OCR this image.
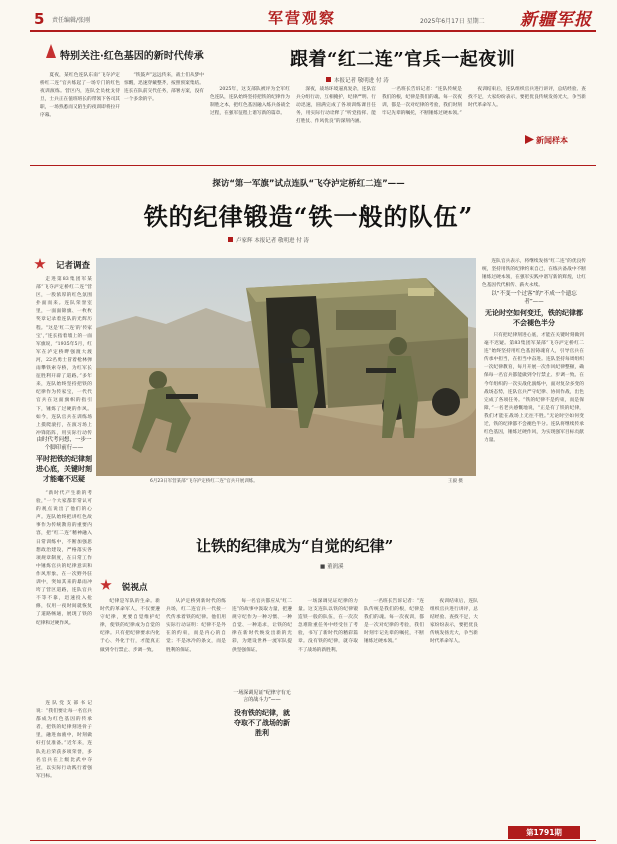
5 责任编辑/张刚	军营观察	2025年6月17日 星期二 新疆军报
特别关注·红色基因的新时代传承	跟着“红二连”官兵一起夜训
本报记者 敬明进 付 涛

夏夜，某红色连队东南“飞夺泸定桥红二连”官兵练起了一场专门的红色夜训演练。营区内，连队全员枕戈待旦，士兵正在值班班长的带领下各司其职，一场熟悉而又陌生的夜训即将拉开序幕。

“铁鼓声”远远传来，战士们从梦中惊醒，迅速穿戴整齐，按照预案集结。连长在队前交代任务，部署方案，没有一个多余的字。

2025年，这支部队被评为全军红色连队，连队始终坚持把铁的纪律作为制胜之本，把红色基因融入练兵备战全过程，在强军征程上谱写新的篇章。

深夜，战场环境逼真复杂，连队官兵分组行动，互相掩护，纪律严明、行动迅速，圆满完成了各项训练课目任务，用实际行动诠释了“听党指挥、能打胜仗、作风优良”的深刻内涵。

一名班长告诉记者：“连队传统是我们的根，纪律是我们的魂。每一次夜训，都是一次对纪律的考验，我们时刻牢记先辈的嘱托，不断锤炼过硬本领。”

夜训结束后，连队组织官兵进行讲评，总结经验、查找不足，大家纷纷表示，要把优良传统发扬光大，争当新时代革命军人。

新闻样本
探访“第一军旗”试点连队“飞夺泸定桥红二连”——
铁的纪律锻造“铁一般的队伍”
卢家辉 本报记者 敬明进 付 涛
记者调查

走进第83集团军某部“飞夺泸定桥红二连”营区，一股浓厚的红色氛围扑面而来。连队荣誉室里，一面面锦旗、一枚枚奖章记录着连队的光辉历程。“这是‘红二连’的‘传家宝’，”连长指着墙上的一面军旗说，“1935年5月，红军在泸定桥畔强渡大渡河，22名勇士冒着枪林弹雨攀铁索夺桥，为红军长征胜利开辟了道路。”多年来，连队始终坚持把铁的纪律作为传家宝，一代代官兵在这面旗帜的指引下，锤炼了过硬的作风。如今，连队官兵在训练场上摸爬滚打，在演习场上冲锋陷阵，用实际行动传

由时代考问想，一步一个脚印前行——
平时把铁的纪律刻进心底，关键时刻才能毫不迟疑

“新时代产生新的考验，”一个大家都非常认可的观点说出了他们的心声。连队始终把讲红色故事作为传统教育的重要内容，把“红二连”精神融入日常训练中，不断加强思想政治建设，严格落实各项规章制度，在日常工作中锤炼官兵的纪律意识和作风形象。在一次野外驻训中，突如其来的暴雨冲垮了营区道路，连队官兵不等不靠，迅速投入抢修，仅用一夜时间就恢复了道路畅通，展现了铁的纪律和过硬作风。

连队党支部书记说：“我们要让每一名官兵都成为红色基因的传承者，把铁的纪律刻进骨子里，融进血液中，时刻做好打仗准备。”近年来，连队先后荣获多项荣誉，多名官兵在上级比武中夺冠，以实际行动践行着强军目标。

6月23日军营某部“飞夺泸定桥红二连”官兵开展训练。	王毅 摄

连队官兵表示，将继续发扬“红二连”的优良传统，坚持用铁的纪律约束自己，在练兵备战中不断锤炼过硬本领，在强军实践中谱写新的辉煌，让红色基因代代相传、薪火永续。

以“不变一个过客”的“不成一个遗忘者”——
无论时空如何变迁，铁的纪律都不会褪色半分

只有把纪律刻进心底，才能在关键时刻做到毫不迟疑。第83集团军某部“飞夺泸定桥红二连”始终坚持用红色基因铸魂育人，引导官兵在传承中担当，在担当中奋进。连队坚持每周组织一次纪律教育，每月开展一次作风纪律整顿，确保每一名官兵都能做到令行禁止、步调一致。在今年组织的一次实战化演练中，面对复杂多变的战场态势，连队官兵严守纪律、协同作战，出色完成了各项任务。“铁的纪律不是约束，而是保障，”一名老兵感慨地说，“正是有了铁的纪律，我们才能在战场上无往不胜。”无论时空如何变迁，铁的纪律都不会褪色半分。连队将继续传承红色基因，锤炼过硬作风，为实现强军目标贡献力量。

第1791期
让铁的纪律成为“自觉的纪律”
■ 董润溪
锐视点

纪律是军队的生命。新时代的革命军人，不仅要遵守纪律，更要自觉维护纪律，使铁的纪律成为自觉的纪律。只有把纪律要求内化于心、外化于行，才能真正做到令行禁止、步调一致。

从泸定桥到新时代的练兵场，红二连官兵一代接一代传承着铁的纪律。他们用实际行动证明：纪律不是外在的约束，而是内心的自觉；不是冰冷的条文，而是胜利的保证。

每一名官兵都应从“红二连”的故事中汲取力量，把遵规守纪作为一种习惯、一种自觉、一种追求，让铁的纪律在新时代焕发出新的光彩，为建设世界一流军队提供坚强保证。

一场深调见证“纪律守有无言的战斗力”——
没有铁的纪律，就夺取不了战场的新胜利

一场深调见证纪律的力量。这支连队以铁的纪律锻造铁一般的队伍，在一次次急难险重任务中经受住了考验，书写了新时代的精彩篇章。没有铁的纪律，就夺取不了战场的新胜利。

一名班长告诉记者：“连队传统是我们的根，纪律是我们的魂。每一次夜训，都是一次对纪律的考验，我们时刻牢记先辈的嘱托，不断锤炼过硬本领。”

夜训结束后，连队组织官兵进行讲评，总结经验、查找不足，大家纷纷表示，要把优良传统发扬光大，争当新时代革命军人。
